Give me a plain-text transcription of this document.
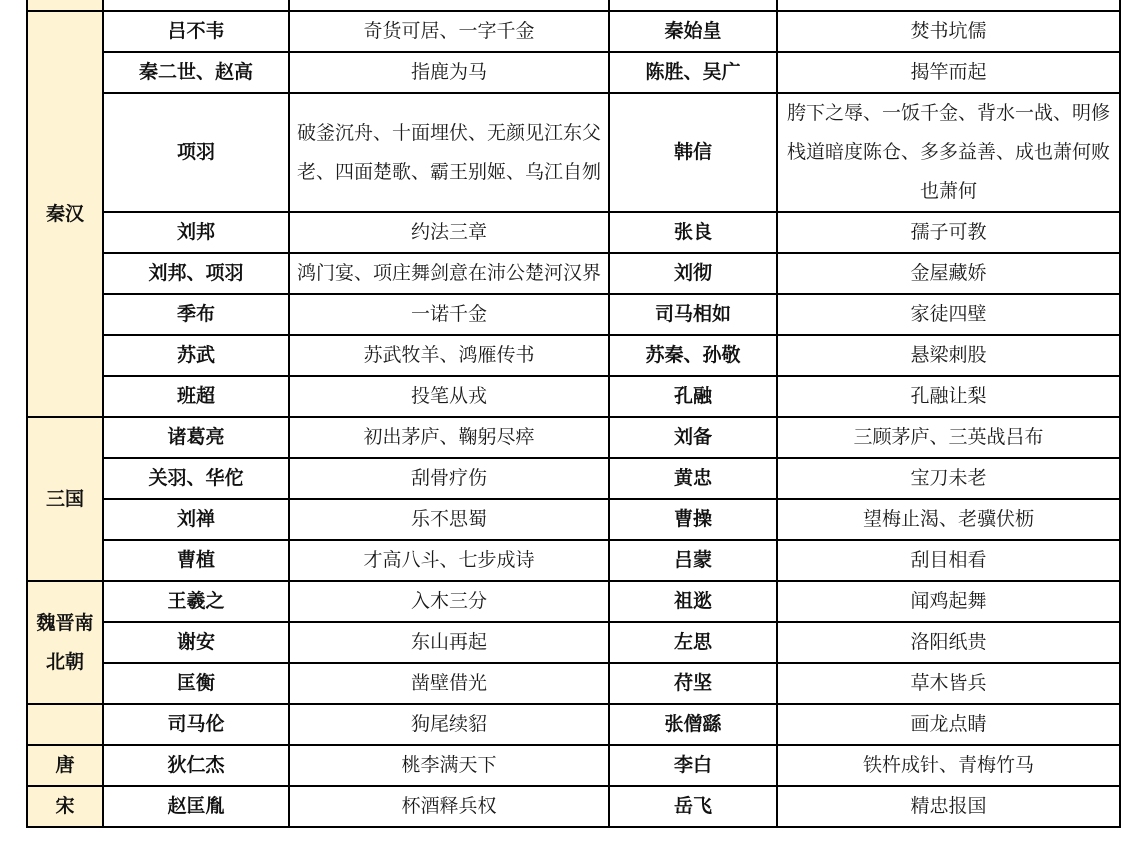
秦汉	吕不韦	奇货可居、一字千金	秦始皇	焚书坑儒
	秦二世、赵高	指鹿为马	陈胜、吴广	揭竿而起
	项羽	破釜沉舟、十面埋伏、无颜见江东父老、四面楚歌、霸王别姬、乌江自刎	韩信	胯下之辱、一饭千金、背水一战、明修栈道暗度陈仓、多多益善、成也萧何败也萧何
	刘邦	约法三章	张良	孺子可教
	刘邦、项羽	鸿门宴、项庄舞剑意在沛公楚河汉界	刘彻	金屋藏娇
	季布	一诺千金	司马相如	家徒四壁
	苏武	苏武牧羊、鸿雁传书	苏秦、孙敬	悬梁刺股
	班超	投笔从戎	孔融	孔融让梨
三国	诸葛亮	初出茅庐、鞠躬尽瘁	刘备	三顾茅庐、三英战吕布
	关羽、华佗	刮骨疗伤	黄忠	宝刀未老
	刘禅	乐不思蜀	曹操	望梅止渴、老骥伏枥
	曹植	才高八斗、七步成诗	吕蒙	刮目相看
魏晋南北朝	王羲之	入木三分	祖逖	闻鸡起舞
	谢安	东山再起	左思	洛阳纸贵
	匡衡	凿壁借光	苻坚	草木皆兵
	司马伦	狗尾续貂	张僧繇	画龙点睛
唐	狄仁杰	桃李满天下	李白	铁杵成针、青梅竹马
宋	赵匡胤	杯酒释兵权	岳飞	精忠报国
